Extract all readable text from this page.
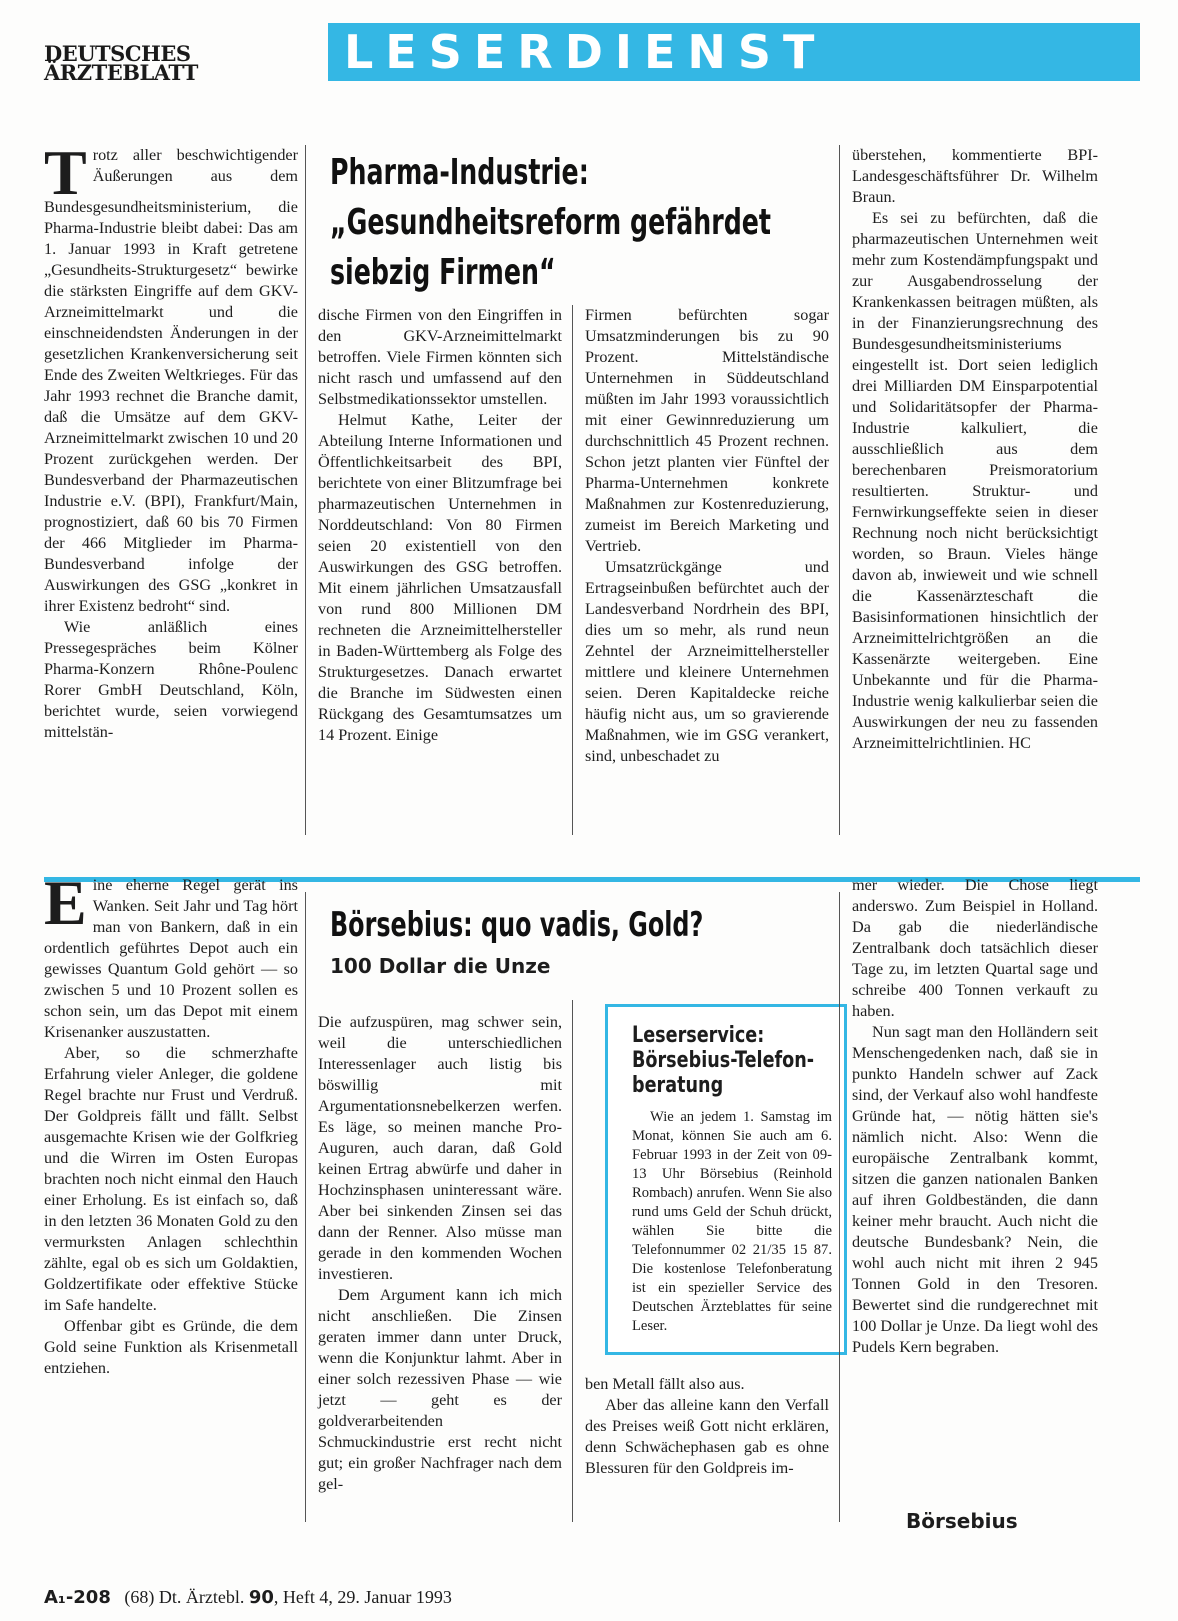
DEUTSCHES
ÄRZTEBLATT	LESERDIENST
Pharma-Industrie:
„Gesundheitsreform gefährdet
siebzig Firmen“

Trotz aller beschwichtigender Äußerungen aus dem Bundesgesundheitsministerium, die Pharma-Industrie bleibt dabei: Das am 1. Januar 1993 in Kraft getretene „Gesundheits-Strukturgesetz“ bewirke die stärksten Eingriffe auf dem GKV-Arzneimittelmarkt und die einschneidendsten Änderungen in der gesetzlichen Krankenversicherung seit Ende des Zweiten Weltkrieges. Für das Jahr 1993 rechnet die Branche damit, daß die Umsätze auf dem GKV-Arzneimittelmarkt zwischen 10 und 20 Prozent zurückgehen werden. Der Bundesverband der Pharmazeutischen Industrie e.V. (BPI), Frankfurt/Main, prognostiziert, daß 60 bis 70 Firmen der 466 Mitglieder im Pharma-Bundesverband infolge der Auswirkungen des GSG „konkret in ihrer Existenz bedroht“ sind.

Wie anläßlich eines Pressegespräches beim Kölner Pharma-Konzern Rhône-Poulenc Rorer GmbH Deutschland, Köln, berichtet wurde, seien vorwiegend mittelstän-

dische Firmen von den Eingriffen in den GKV-Arzneimittelmarkt betroffen. Viele Firmen könnten sich nicht rasch und umfassend auf den Selbstmedikationssektor umstellen.

Helmut Kathe, Leiter der Abteilung Interne Informationen und Öffentlichkeitsarbeit des BPI, berichtete von einer Blitzumfrage bei pharmazeutischen Unternehmen in Norddeutschland: Von 80 Firmen seien 20 existentiell von den Auswirkungen des GSG betroffen. Mit einem jährlichen Umsatzausfall von rund 800 Millionen DM rechneten die Arzneimittelhersteller in Baden-Württemberg als Folge des Strukturgesetzes. Danach erwartet die Branche im Südwesten einen Rückgang des Gesamtumsatzes um 14 Prozent. Einige

Firmen befürchten sogar Umsatzminderungen bis zu 90 Prozent. Mittelständische Unternehmen in Süddeutschland müßten im Jahr 1993 voraussichtlich mit einer Gewinnreduzierung um durchschnittlich 45 Prozent rechnen. Schon jetzt planten vier Fünftel der Pharma-Unternehmen konkrete Maßnahmen zur Kostenreduzierung, zumeist im Bereich Marketing und Vertrieb.

Umsatzrückgänge und Ertragseinbußen befürchtet auch der Landesverband Nordrhein des BPI, dies um so mehr, als rund neun Zehntel der Arzneimittelhersteller mittlere und kleinere Unternehmen seien. Deren Kapitaldecke reiche häufig nicht aus, um so gravierende Maßnahmen, wie im GSG verankert, sind, unbeschadet zu

überstehen, kommentierte BPI-Landesgeschäftsführer Dr. Wilhelm Braun.

Es sei zu befürchten, daß die pharmazeutischen Unternehmen weit mehr zum Kostendämpfungspakt und zur Ausgabendrosselung der Krankenkassen beitragen müßten, als in der Finanzierungsrechnung des Bundesgesundheitsministeriums eingestellt ist. Dort seien lediglich drei Milliarden DM Einsparpotential und Solidaritätsopfer der Pharma-Industrie kalkuliert, die ausschließlich aus dem berechenbaren Preismoratorium resultierten. Struktur- und Fernwirkungseffekte seien in dieser Rechnung noch nicht berücksichtigt worden, so Braun. Vieles hänge davon ab, inwieweit und wie schnell die Kassenärzteschaft die Basisinformationen hinsichtlich der Arzneimittelrichtgrößen an die Kassenärzte weitergeben. Eine Unbekannte und für die Pharma-Industrie wenig kalkulierbar seien die Auswirkungen der neu zu fassenden Arzneimittelrichtlinien. HC

Börsebius: quo vadis, Gold?
100 Dollar die Unze

Eine eherne Regel gerät ins Wanken. Seit Jahr und Tag hört man von Bankern, daß in ein ordentlich geführtes Depot auch ein gewisses Quantum Gold gehört — so zwischen 5 und 10 Prozent sollen es schon sein, um das Depot mit einem Krisenanker auszustatten.

Aber, so die schmerzhafte Erfahrung vieler Anleger, die goldene Regel brachte nur Frust und Verdruß. Der Goldpreis fällt und fällt. Selbst ausgemachte Krisen wie der Golfkrieg und die Wirren im Osten Europas brachten noch nicht einmal den Hauch einer Erholung. Es ist einfach so, daß in den letzten 36 Monaten Gold zu den vermurksten Anlagen schlechthin zählte, egal ob es sich um Goldaktien, Goldzertifikate oder effektive Stücke im Safe handelte.

Offenbar gibt es Gründe, die dem Gold seine Funktion als Krisenmetall entziehen.

Die aufzuspüren, mag schwer sein, weil die unterschiedlichen Interessenlager auch listig bis böswillig mit Argumentationsnebelkerzen werfen. Es läge, so meinen manche Pro-Auguren, auch daran, daß Gold keinen Ertrag abwürfe und daher in Hochzinsphasen uninteressant wäre. Aber bei sinkenden Zinsen sei das dann der Renner. Also müsse man gerade in den kommenden Wochen investieren.

Dem Argument kann ich mich nicht anschließen. Die Zinsen geraten immer dann unter Druck, wenn die Konjunktur lahmt. Aber in einer solch rezessiven Phase — wie jetzt — geht es der goldverarbeitenden Schmuckindustrie erst recht nicht gut; ein großer Nachfrager nach dem gel-

Leserservice:
Börsebius-Telefon-
beratung
Wie an jedem 1. Samstag im Monat, können Sie auch am 6. Februar 1993 in der Zeit von 09-13 Uhr Börsebius (Reinhold Rombach) anrufen. Wenn Sie also rund ums Geld der Schuh drückt, wählen Sie bitte die Telefonnummer 02 21/35 15 87. Die kostenlose Telefonberatung ist ein spezieller Service des Deutschen Ärzteblattes für seine Leser.

ben Metall fällt also aus.

Aber das alleine kann den Verfall des Preises weiß Gott nicht erklären, denn Schwächephasen gab es ohne Blessuren für den Goldpreis im-

mer wieder. Die Chose liegt anderswo. Zum Beispiel in Holland. Da gab die niederländische Zentralbank doch tatsächlich dieser Tage zu, im letzten Quartal sage und schreibe 400 Tonnen verkauft zu haben.

Nun sagt man den Holländern seit Menschengedenken nach, daß sie in punkto Handeln schwer auf Zack sind, der Verkauf also wohl handfeste Gründe hat, — nötig hätten sie's nämlich nicht. Also: Wenn die europäische Zentralbank kommt, sitzen die ganzen nationalen Banken auf ihren Goldbeständen, die dann keiner mehr braucht. Auch nicht die deutsche Bundesbank? Nein, die wohl auch nicht mit ihren 2 945 Tonnen Gold in den Tresoren. Bewertet sind die rundgerechnet mit 100 Dollar je Unze. Da liegt wohl des Pudels Kern begraben.

Börsebius
A₁-208 (68) Dt. Ärztebl. 90, Heft 4, 29. Januar 1993
